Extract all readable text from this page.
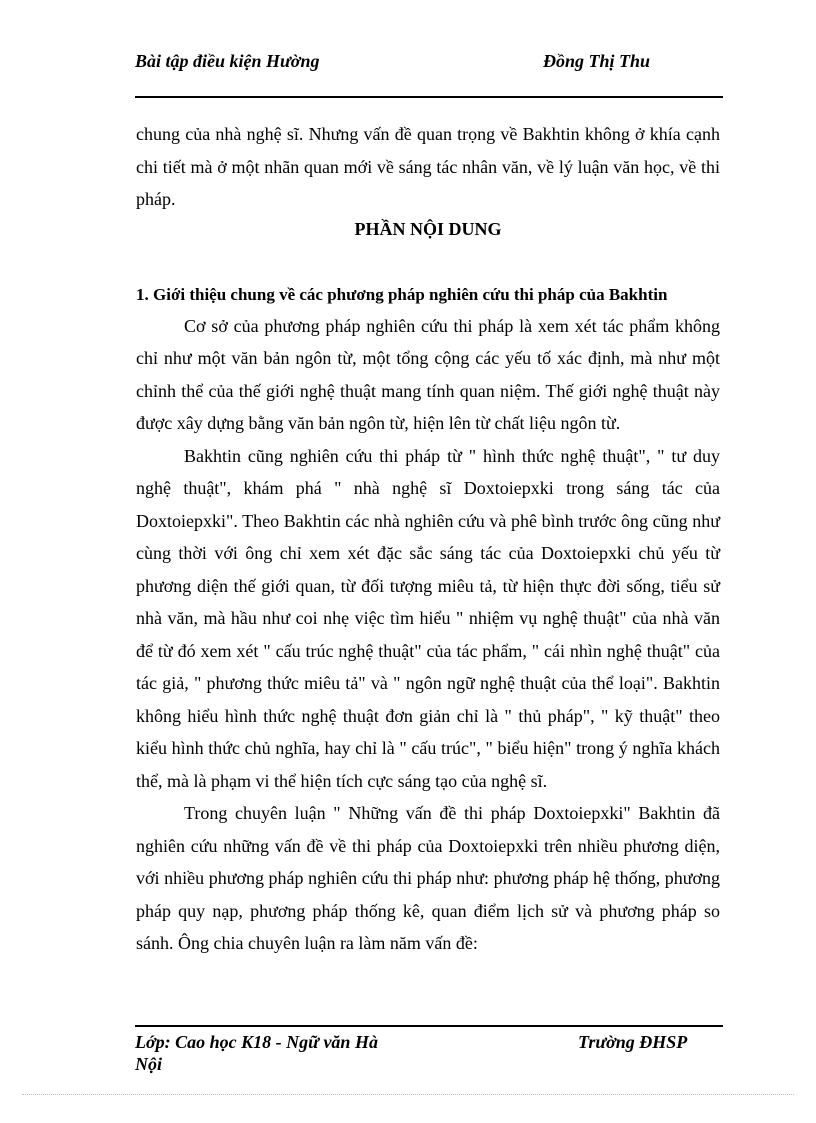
Bài tập điều kiện Hường	Đồng Thị Thu

chung của nhà nghệ sĩ. Nhưng vấn đề quan trọng về Bakhtin không ở khía cạnh chi tiết mà ở một nhãn quan mới về sáng tác nhân văn, về lý luận văn học, về thi pháp.

PHẦN NỘI DUNG
1. Giới thiệu chung về các phương pháp nghiên cứu thi pháp của Bakhtin

Cơ sở của phương pháp nghiên cứu thi pháp là xem xét tác phẩm không chỉ như một văn bản ngôn từ, một tổng cộng các yếu tố xác định, mà như một chỉnh thể của thế giới nghệ thuật mang tính quan niệm. Thế giới nghệ thuật này được xây dựng bằng văn bản ngôn từ, hiện lên từ chất liệu ngôn từ.

Bakhtin cũng nghiên cứu thi pháp từ " hình thức nghệ thuật", " tư duy nghệ thuật", khám phá " nhà nghệ sĩ Doxtoiepxki trong sáng tác của Doxtoiepxki". Theo Bakhtin các nhà nghiên cứu và phê bình trước ông cũng như cùng thời với ông chỉ xem xét đặc sắc sáng tác của Doxtoiepxki chủ yếu từ phương diện thế giới quan, từ đối tượng miêu tả, từ hiện thực đời sống, tiểu sử nhà văn, mà hầu như coi nhẹ việc tìm hiểu " nhiệm vụ nghệ thuật" của nhà văn để từ đó xem xét " cấu trúc nghệ thuật" của tác phẩm, " cái nhìn nghệ thuật" của tác giả, " phương thức miêu tả" và " ngôn ngữ nghệ thuật của thể loại". Bakhtin không hiểu hình thức nghệ thuật đơn giản chỉ là " thủ pháp", " kỹ thuật" theo kiểu hình thức chủ nghĩa, hay chỉ là " cấu trúc", " biểu hiện" trong ý nghĩa khách thể, mà là phạm vi thể hiện tích cực sáng tạo của nghệ sĩ.

Trong chuyên luận " Những vấn đề thi pháp Doxtoiepxki" Bakhtin đã nghiên cứu những vấn đề về thi pháp của Doxtoiepxki trên nhiều phương diện, với nhiều phương pháp nghiên cứu thi pháp như: phương pháp hệ thống, phương pháp quy nạp, phương pháp thống kê, quan điểm lịch sử và phương pháp so sánh. Ông chia chuyên luận ra làm năm vấn đề:

Lớp: Cao học K18 - Ngữ văn Hà Nội
Trường ĐHSP
